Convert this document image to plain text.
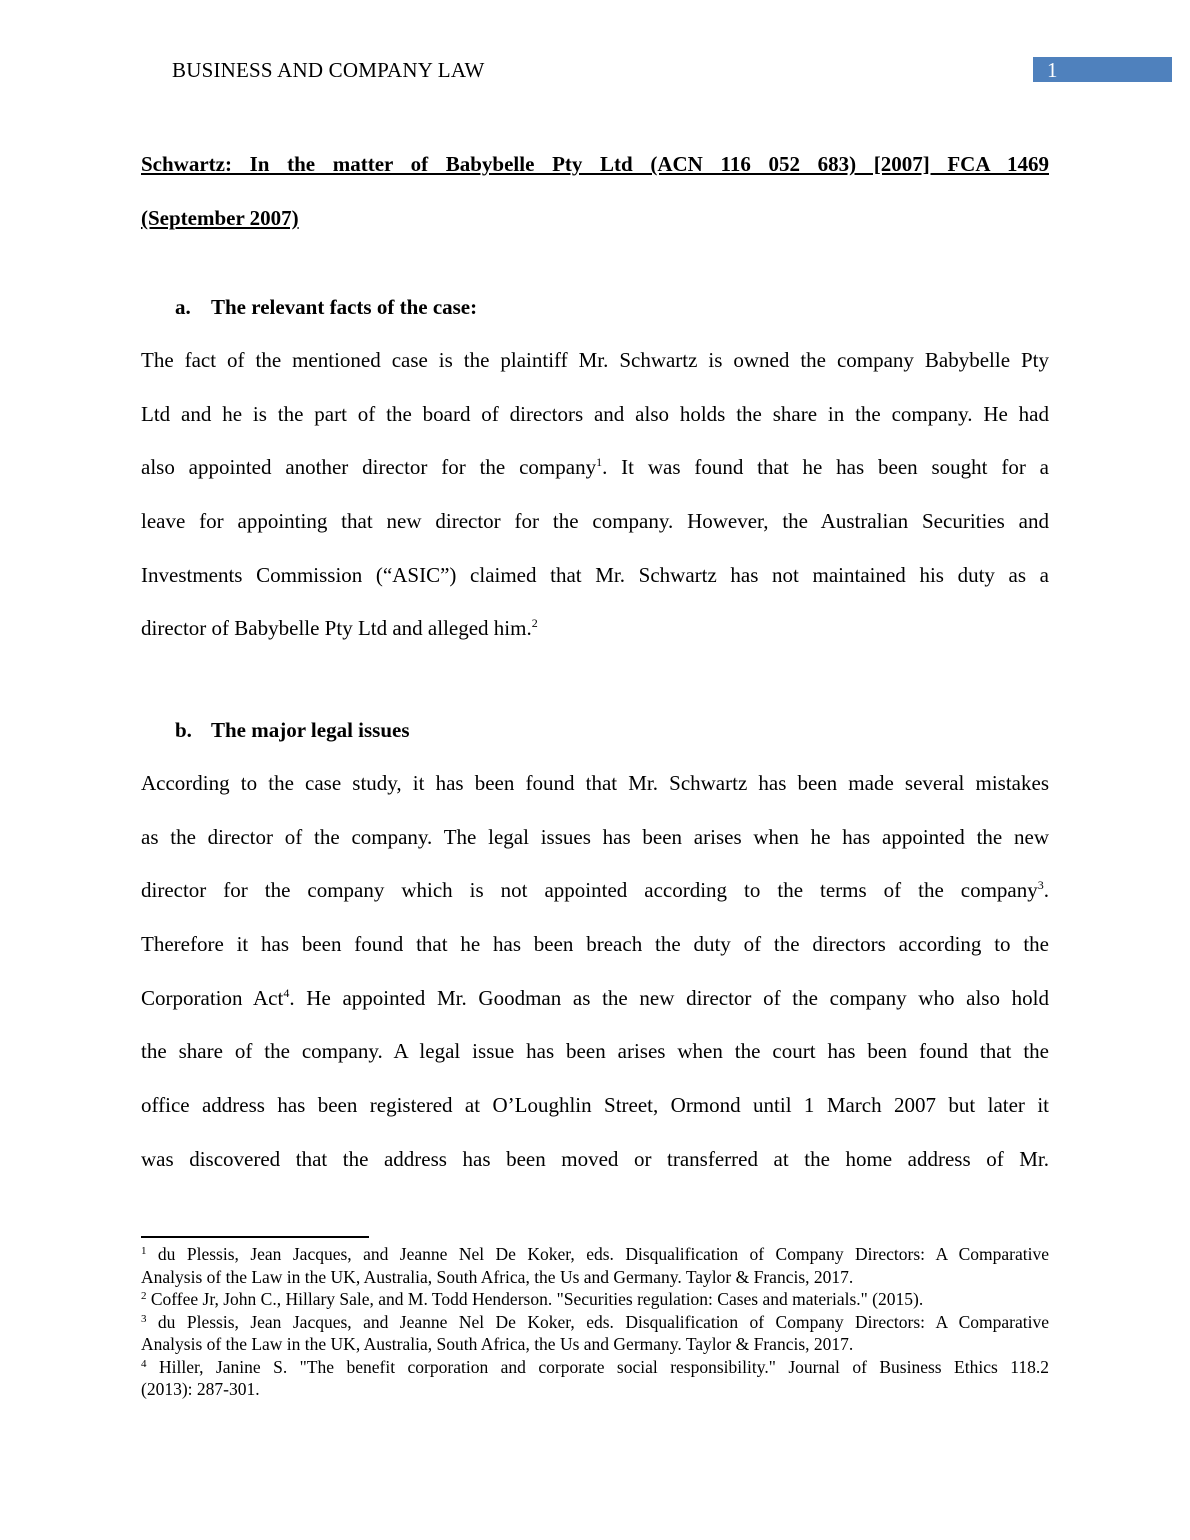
BUSINESS AND COMPANY LAW	1
Schwartz: In the matter of Babybelle Pty Ltd (ACN 116 052 683) [2007] FCA 1469
(September 2007)
a. The relevant facts of the case:
The fact of the mentioned case is the plaintiff Mr. Schwartz is owned the company Babybelle Pty
Ltd and he is the part of the board of directors and also holds the share in the company. He had
also appointed another director for the company$^1$. It was found that he has been sought for a
leave for appointing that new director for the company. However, the Australian Securities and
Investments Commission (“ASIC”) claimed that Mr. Schwartz has not maintained his duty as a
director of Babybelle Pty Ltd and alleged him.$^2$
b. The major legal issues
According to the case study, it has been found that Mr. Schwartz has been made several mistakes
as the director of the company. The legal issues has been arises when he has appointed the new
director for the company which is not appointed according to the terms of the company$^3$.
Therefore it has been found that he has been breach the duty of the directors according to the
Corporation Act$^4$. He appointed Mr. Goodman as the new director of the company who also hold
the share of the company. A legal issue has been arises when the court has been found that the
office address has been registered at O’Loughlin Street, Ormond until 1 March 2007 but later it
was discovered that the address has been moved or transferred at the home address of Mr.
$^1$ du Plessis, Jean Jacques, and Jeanne Nel De Koker, eds. Disqualification of Company Directors: A Comparative
Analysis of the Law in the UK, Australia, South Africa, the Us and Germany. Taylor & Francis, 2017.
$^2$ Coffee Jr, John C., Hillary Sale, and M. Todd Henderson. "Securities regulation: Cases and materials." (2015).
$^3$ du Plessis, Jean Jacques, and Jeanne Nel De Koker, eds. Disqualification of Company Directors: A Comparative
Analysis of the Law in the UK, Australia, South Africa, the Us and Germany. Taylor & Francis, 2017.
$^4$ Hiller, Janine S. "The benefit corporation and corporate social responsibility." Journal of Business Ethics 118.2
(2013): 287-301.
